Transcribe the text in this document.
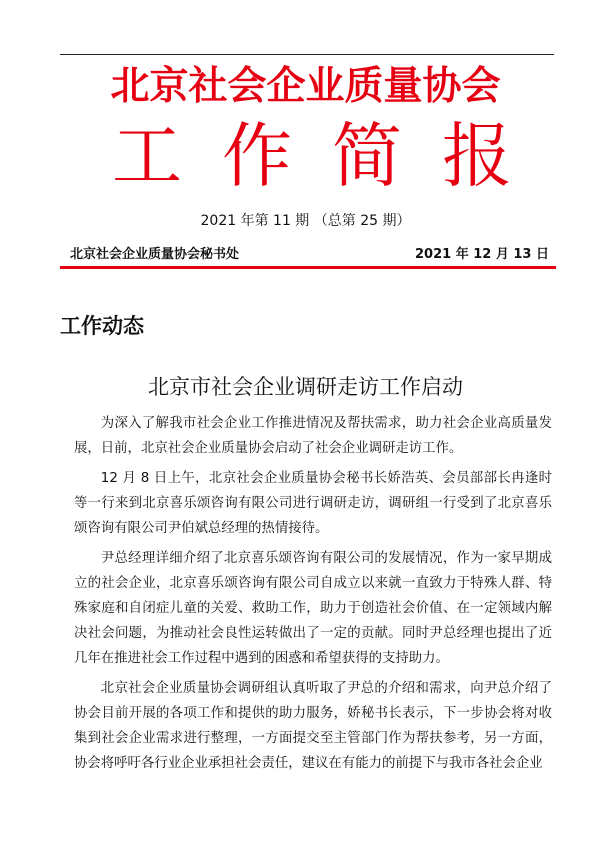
北京社会企业质量协会
工 作 简 报
2021 年第 11 期 （总第 25 期）
北京社会企业质量协会秘书处	2021 年 12 月 13 日
工作动态
北京市社会企业调研走访工作启动

为深入了解我市社会企业工作推进情况及帮扶需求，助力社会企业高质量发展，日前，北京社会企业质量协会启动了社会企业调研走访工作。

12 月 8 日上午，北京社会企业质量协会秘书长娇浩英、会员部部长冉逢时等一行来到北京喜乐颂咨询有限公司进行调研走访，调研组一行受到了北京喜乐颂咨询有限公司尹伯斌总经理的热情接待。

尹总经理详细介绍了北京喜乐颂咨询有限公司的发展情况，作为一家早期成立的社会企业，北京喜乐颂咨询有限公司自成立以来就一直致力于特殊人群、特殊家庭和自闭症儿童的关爱、救助工作，助力于创造社会价值、在一定领域内解决社会问题，为推动社会良性运转做出了一定的贡献。同时尹总经理也提出了近几年在推进社会工作过程中遇到的困惑和希望获得的支持助力。

北京社会企业质量协会调研组认真听取了尹总的介绍和需求，向尹总介绍了协会目前开展的各项工作和提供的助力服务，娇秘书长表示，下一步协会将对收集到社会企业需求进行整理，一方面提交至主管部门作为帮扶参考，另一方面，协会将呼吁各行业企业承担社会责任，建议在有能力的前提下与我市各社会企业
